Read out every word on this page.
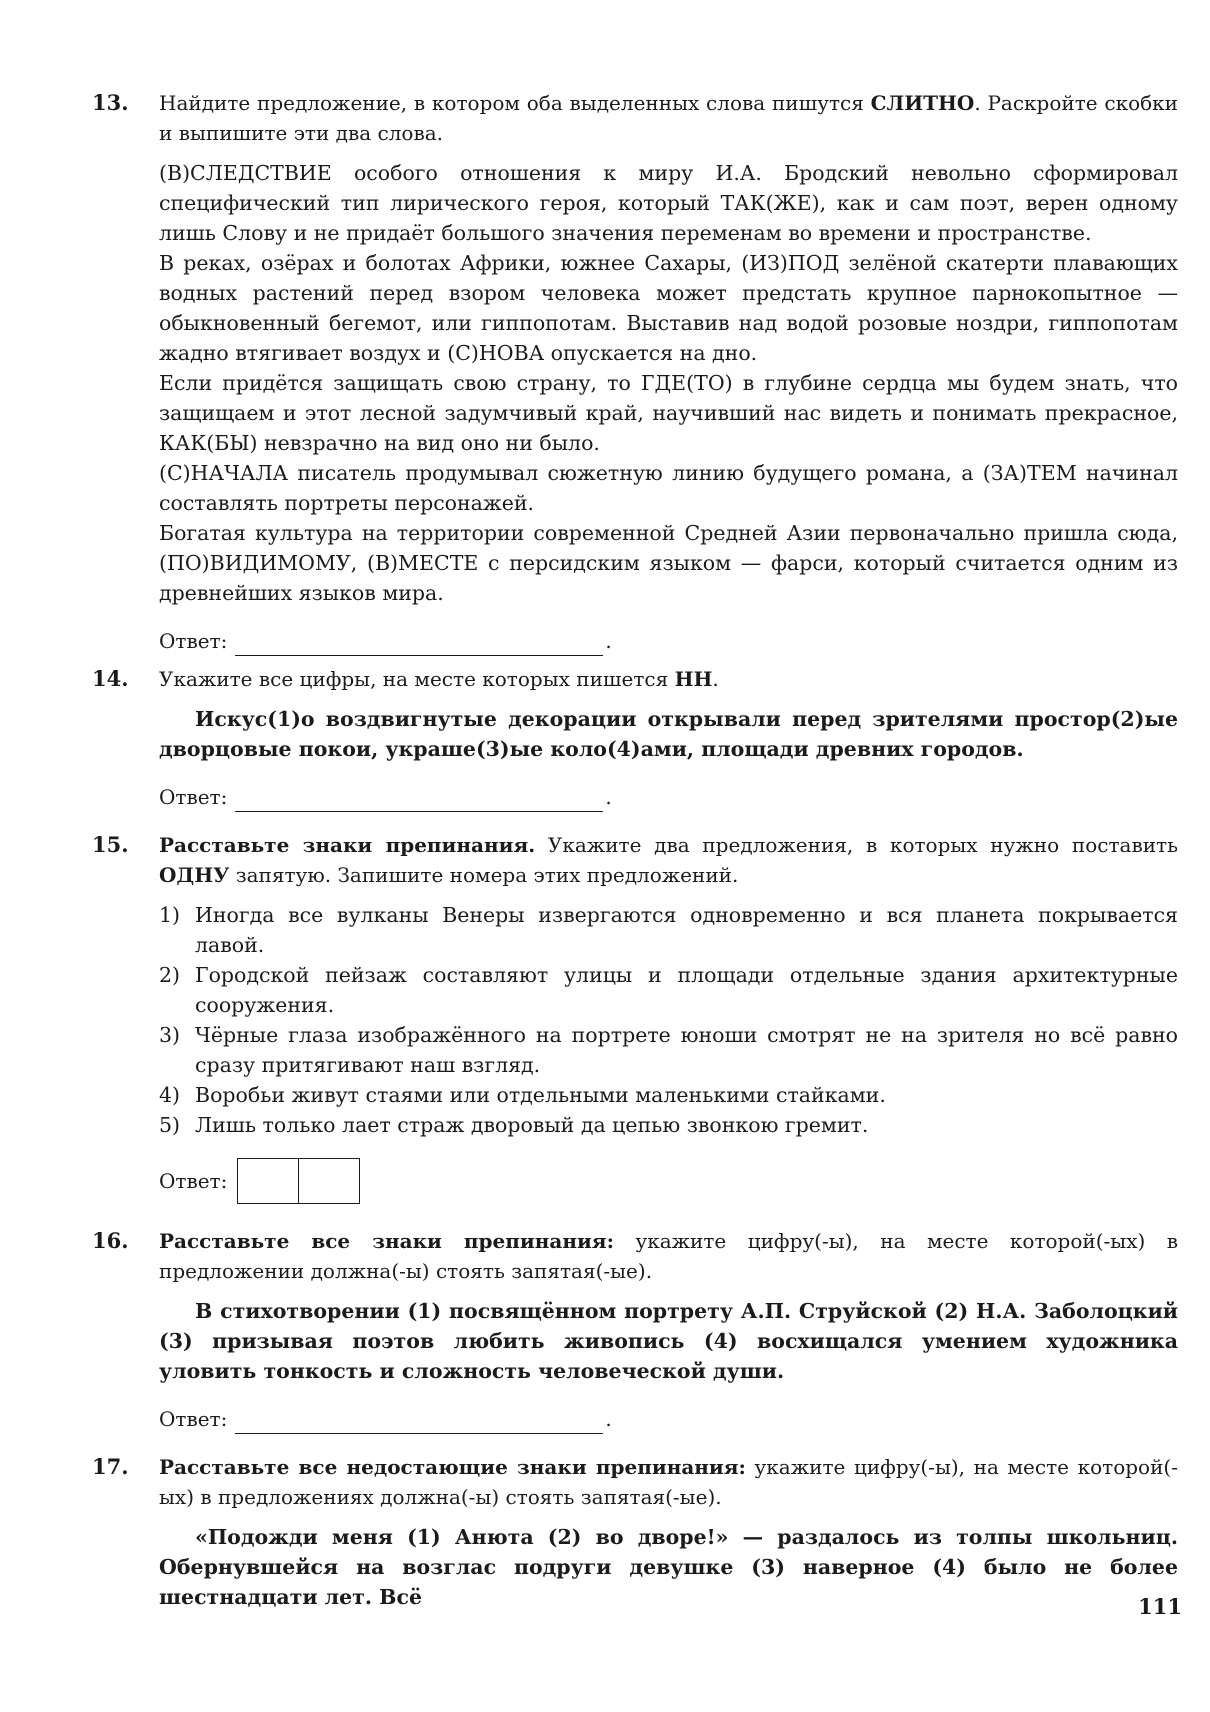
13. Найдите предложение, в котором оба выделенных слова пишутся СЛИТНО. Раскройте скобки и выпишите эти два слова.

(В)СЛЕДСТВИЕ особого отношения к миру И.А. Бродский невольно сформировал специфический тип лирического героя, который ТАК(ЖЕ), как и сам поэт, верен одному лишь Слову и не придаёт большого значения переменам во времени и пространстве.

В реках, озёрах и болотах Африки, южнее Сахары, (ИЗ)ПОД зелёной скатерти плавающих водных растений перед взором человека может предстать крупное парнокопытное — обыкновенный бегемот, или гиппопотам. Выставив над водой розовые ноздри, гиппопотам жадно втягивает воздух и (С)НОВА опускается на дно.

Если придётся защищать свою страну, то ГДЕ(ТО) в глубине сердца мы будем знать, что защищаем и этот лесной задумчивый край, научивший нас видеть и понимать прекрасное, КАК(БЫ) невзрачно на вид оно ни было.

(С)НАЧАЛА писатель продумывал сюжетную линию будущего романа, а (ЗА)ТЕМ начинал составлять портреты персонажей.

Богатая культура на территории современной Средней Азии первоначально пришла сюда, (ПО)ВИДИМОМУ, (В)МЕСТЕ с персидским языком — фарси, который считается одним из древнейших языков мира.

Ответ:	.
14. Укажите все цифры, на месте которых пишется НН.

Искус(1)о воздвигнутые декорации открывали перед зрителями простор(2)ые дворцовые покои, украше(3)ые коло(4)ами, площади древних городов.

Ответ:	.
15. Расставьте знаки препинания. Укажите два предложения, в которых нужно поставить ОДНУ запятую. Запишите номера этих предложений.

1) Иногда все вулканы Венеры извергаются одновременно и вся планета покрывается лавой.
2) Городской пейзаж составляют улицы и площади отдельные здания архитектурные сооружения.
3) Чёрные глаза изображённого на портрете юноши смотрят не на зрителя но всё равно сразу притягивают наш взгляд.
4) Воробьи живут стаями или отдельными маленькими стайками.
5) Лишь только лает страж дворовый да цепью звонкою гремит.
Ответ:
16. Расставьте все знаки препинания: укажите цифру(-ы), на месте которой(-ых) в предложении должна(-ы) стоять запятая(-ые).

В стихотворении (1) посвящённом портрету А.П. Струйской (2) Н.А. Заболоцкий (3) призывая поэтов любить живопись (4) восхищался умением художника уловить тонкость и сложность человеческой души.

Ответ:	.
17. Расставьте все недостающие знаки препинания: укажите цифру(-ы), на месте которой(-ых) в предложениях должна(-ы) стоять запятая(-ые).

«Подожди меня (1) Анюта (2) во дворе!» — раздалось из толпы школьниц. Обернувшейся на возглас подруги девушке (3) наверное (4) было не более шестнадцати лет. Всё	111
